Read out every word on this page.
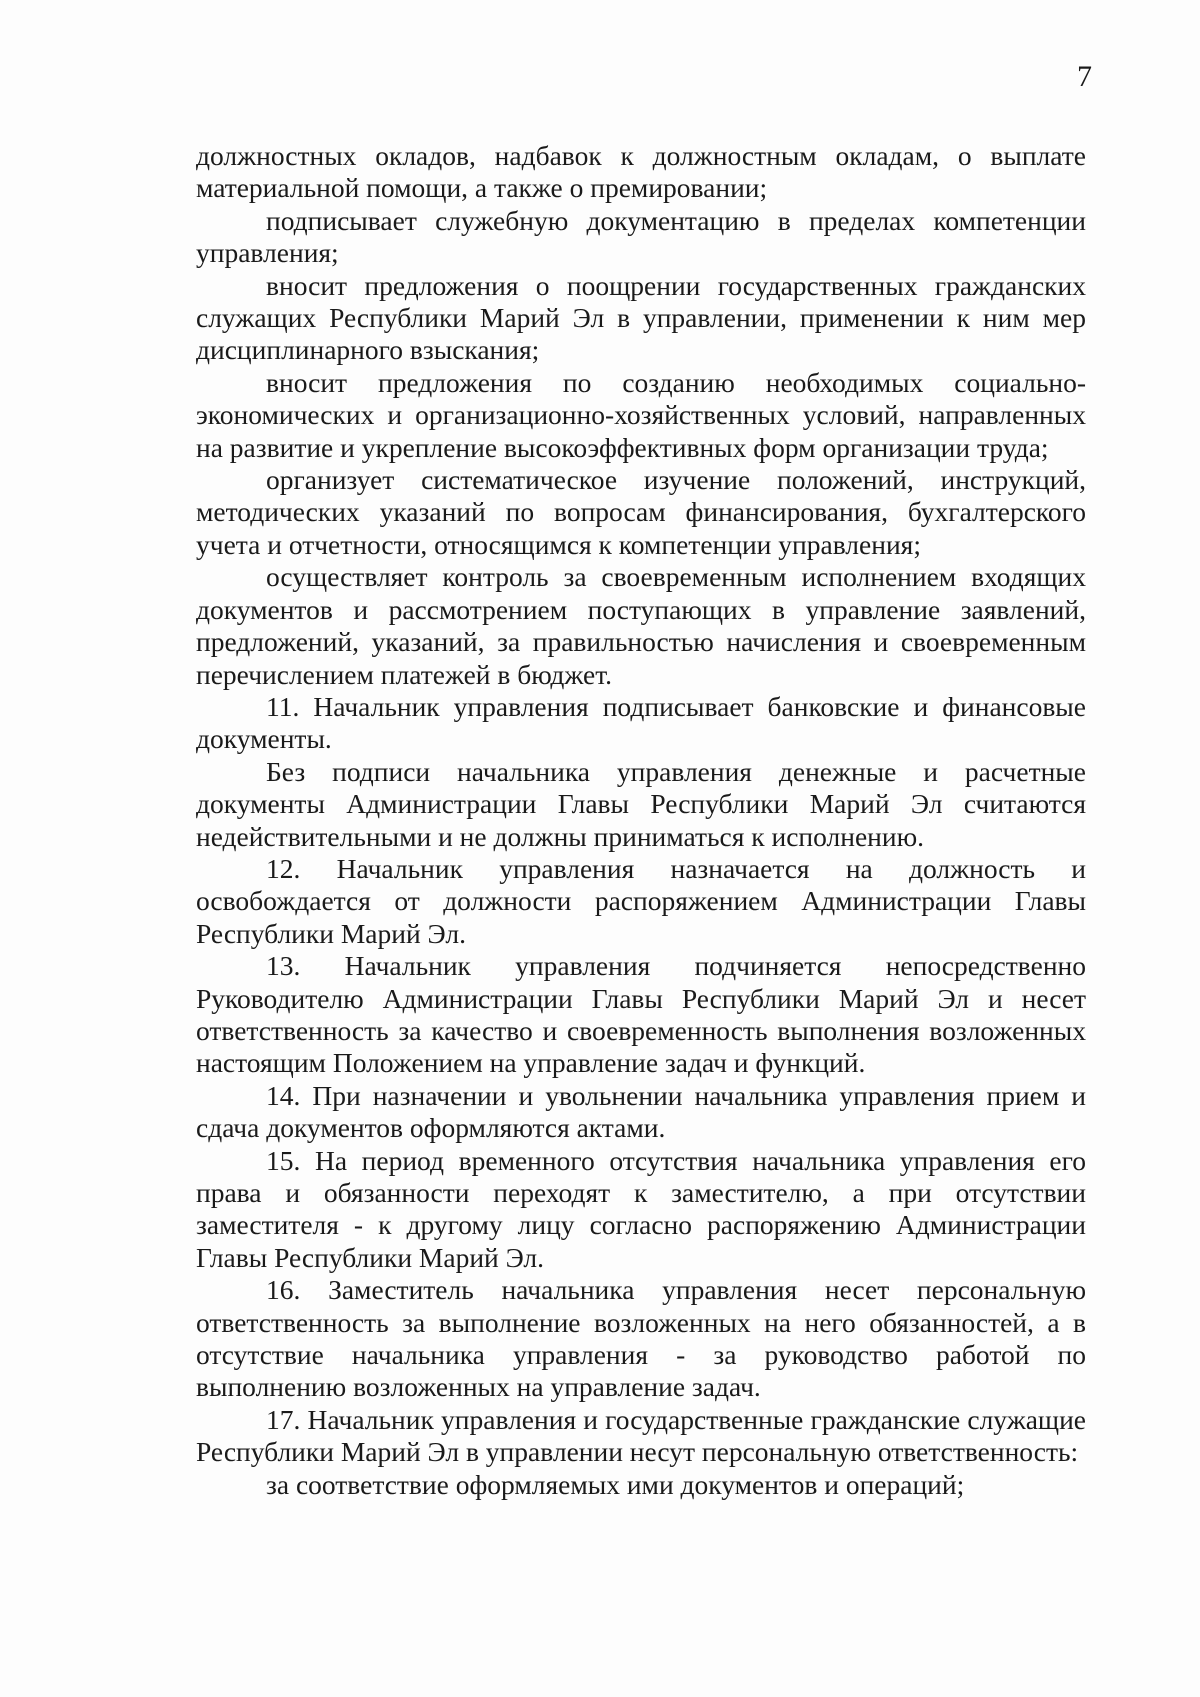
7

должностных окладов, надбавок к должностным окладам, о выплате материальной помощи, а также о премировании;

подписывает служебную документацию в пределах компетенции управления;

вносит предложения о поощрении государственных гражданских служащих Республики Марий Эл в управлении, применении к ним мер дисциплинарного взыскания;

вносит предложения по созданию необходимых социально-экономических и организационно-хозяйственных условий, направленных на развитие и укрепление высокоэффективных форм организации труда;

организует систематическое изучение положений, инструкций, методических указаний по вопросам финансирования, бухгалтерского учета и отчетности, относящимся к компетенции управления;

осуществляет контроль за своевременным исполнением входящих документов и рассмотрением поступающих в управление заявлений, предложений, указаний, за правильностью начисления и своевременным перечислением платежей в бюджет.

11. Начальник управления подписывает банковские и финансовые документы.

Без подписи начальника управления денежные и расчетные документы Администрации Главы Республики Марий Эл считаются недействительными и не должны приниматься к исполнению.

12. Начальник управления назначается на должность и освобождается от должности распоряжением Администрации Главы Республики Марий Эл.

13. Начальник управления подчиняется непосредственно Руководителю Администрации Главы Республики Марий Эл и несет ответственность за качество и своевременность выполнения возложенных настоящим Положением на управление задач и функций.

14. При назначении и увольнении начальника управления прием и сдача документов оформляются актами.

15. На период временного отсутствия начальника управления его права и обязанности переходят к заместителю, а при отсутствии заместителя - к другому лицу согласно распоряжению Администрации Главы Республики Марий Эл.

16. Заместитель начальника управления несет персональную ответственность за выполнение возложенных на него обязанностей, а в отсутствие начальника управления - за руководство работой по выполнению возложенных на управление задач.

17. Начальник управления и государственные гражданские служащие Республики Марий Эл в управлении несут персональную ответственность:

за соответствие оформляемых ими документов и операций;
